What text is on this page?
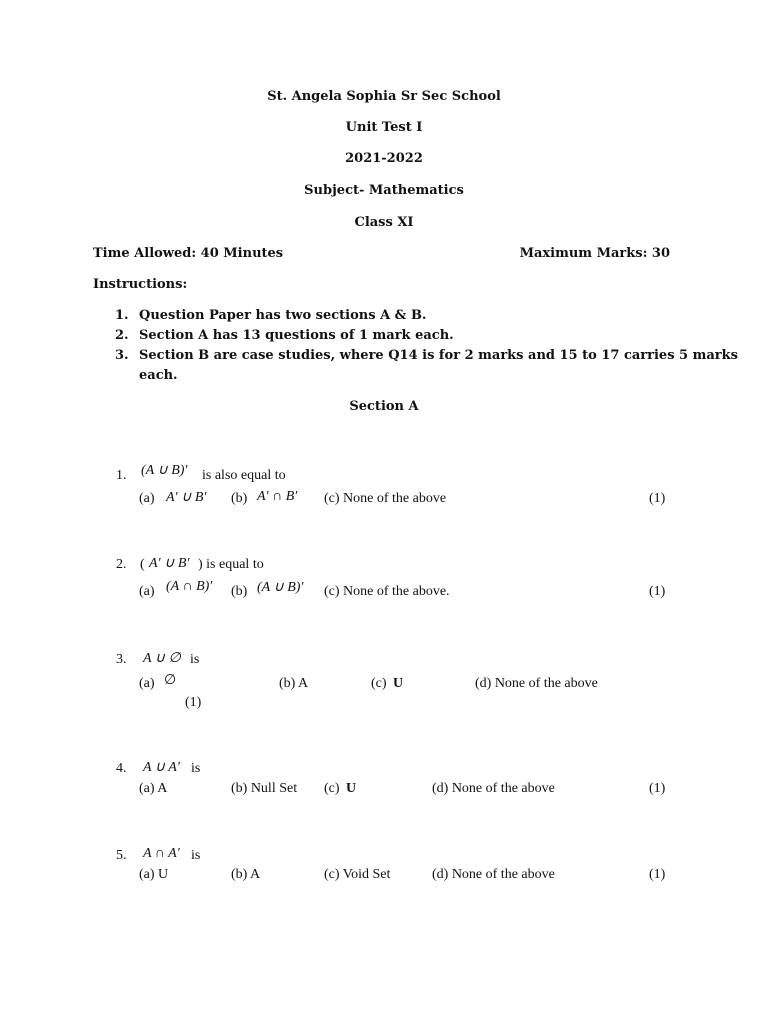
St. Angela Sophia Sr Sec School
Unit Test I
2021-2022
Subject- Mathematics
Class XI
Time Allowed: 40 Minutes	Maximum Marks: 30
Instructions:
1. Question Paper has two sections A & B.
2. Section A has 13 questions of 1 mark each.
3. Section B are case studies, where Q14 is for 2 marks and 15 to 17 carries 5 marks
each.
Section A
1. (A ∪ B)′ is also equal to
(a) A′ ∪ B′ (b) A′ ∩ B′ (c) None of the above	(1)
2. ( A′ ∪ B′ ) is equal to
(a) (A ∩ B)′ (b) (A ∪ B)′ (c) None of the above.	(1)
3. A ∪ ∅ is
(a) ∅	(b) A	(c) U	(d) None of the above
(1)
4. A ∪ A′ is
(a) A	(b) Null Set (c) U	(d) None of the above	(1)
5. A ∩ A′ is
(a) U	(b) A	(c) Void Set	(d) None of the above	(1)
